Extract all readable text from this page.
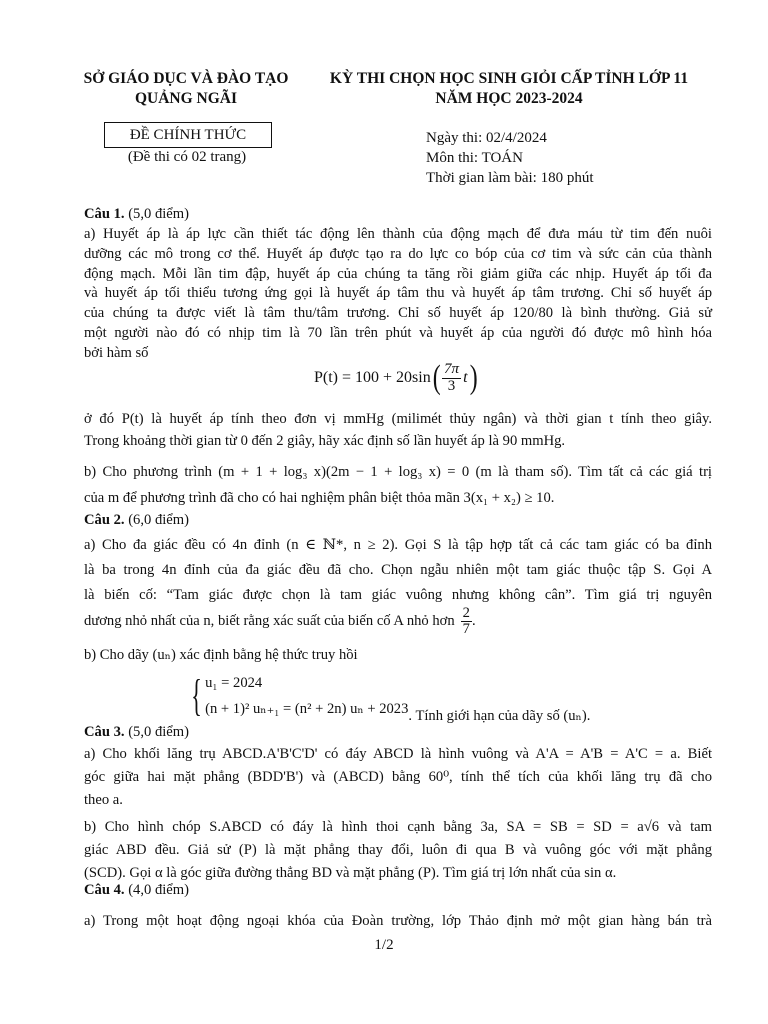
SỞ GIÁO DỤC VÀ ĐÀO TẠO
QUẢNG NGÃI
KỲ THI CHỌN HỌC SINH GIỎI CẤP TỈNH LỚP 11
NĂM HỌC 2023-2024
ĐỀ CHÍNH THỨC
(Đề thi có 02 trang)
Ngày thi: 02/4/2024
Môn thi: TOÁN
Thời gian làm bài: 180 phút
Câu 1. (5,0 điểm)
a) Huyết áp là áp lực cần thiết tác động lên thành của động mạch để đưa máu từ tim đến nuôi
dưỡng các mô trong cơ thể. Huyết áp được tạo ra do lực co bóp của cơ tim và sức cản của thành
động mạch. Mỗi lần tim đập, huyết áp của chúng ta tăng rồi giảm giữa các nhịp. Huyết áp tối đa
và huyết áp tối thiểu tương ứng gọi là huyết áp tâm thu và huyết áp tâm trương. Chỉ số huyết áp
của chúng ta được viết là tâm thu/tâm trương. Chỉ số huyết áp 120/80 là bình thường. Giả sử
một người nào đó có nhịp tim là 70 lần trên phút và huyết áp của người đó được mô hình hóa
bởi hàm số
P(t) = 100 + 20sin ( $\frac{7\pi}{3}$ t )
ở đó P(t) là huyết áp tính theo đơn vị mmHg (milimét thủy ngân) và thời gian t tính theo giây.
Trong khoảng thời gian từ 0 đến 2 giây, hãy xác định số lần huyết áp là 90 mmHg.
b) Cho phương trình (m + 1 + log₃ x)(2m − 1 + log₃ x) = 0 (m là tham số). Tìm tất cả các giá trị
của m để phương trình đã cho có hai nghiệm phân biệt thỏa mãn 3(x₁ + x₂) ≥ 10.
Câu 2. (6,0 điểm)
a) Cho đa giác đều có 4n đỉnh (n ∈ ℕ*, n ≥ 2). Gọi S là tập hợp tất cả các tam giác có ba đỉnh
là ba trong 4n đỉnh của đa giác đều đã cho. Chọn ngẫu nhiên một tam giác thuộc tập S. Gọi A
là biến cố: “Tam giác được chọn là tam giác vuông nhưng không cân”. Tìm giá trị nguyên
dương nhỏ nhất của n, biết rằng xác suất của biến cố A nhỏ hơn $\frac{2}{7}$ .
b) Cho dãy (uₙ) xác định bằng hệ thức truy hồi
{ u₁ = 2024
(n + 1)² uₙ₊₁ = (n² + 2n) uₙ + 2023 . Tính giới hạn của dãy số (uₙ).
Câu 3. (5,0 điểm)
a) Cho khối lăng trụ ABCD.A'B'C'D' có đáy ABCD là hình vuông và A'A = A'B = A'C = a. Biết
góc giữa hai mặt phẳng (BDD'B') và (ABCD) bằng 60⁰, tính thể tích của khối lăng trụ đã cho
theo a.
b) Cho hình chóp S.ABCD có đáy là hình thoi cạnh bằng 3a, SA = SB = SD = a√6 và tam
giác ABD đều. Giả sử (P) là mặt phẳng thay đổi, luôn đi qua B và vuông góc với mặt phẳng
(SCD). Gọi α là góc giữa đường thẳng BD và mặt phẳng (P). Tìm giá trị lớn nhất của sin α.
Câu 4. (4,0 điểm)
a) Trong một hoạt động ngoại khóa của Đoàn trường, lớp Thảo định mở một gian hàng bán trà
1/2
